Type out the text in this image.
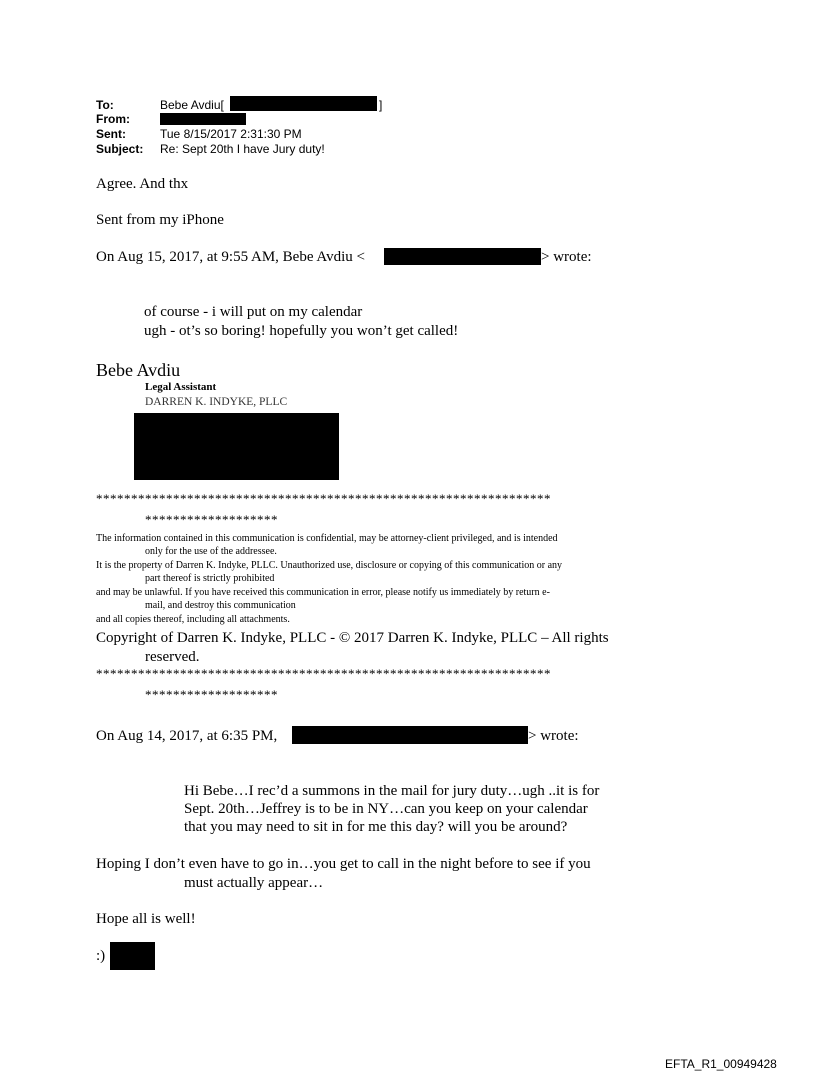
To:	Bebe Avdiu[	]
From:
Sent:	Tue 8/15/2017 2:31:30 PM
Subject: Re: Sept 20th I have Jury duty!
Agree. And thx
Sent from my iPhone
On Aug 15, 2017, at 9:55 AM, Bebe Avdiu <	> wrote:
of course - i will put on my calendar
ugh - ot’s so boring! hopefully you won’t get called!
Bebe Avdiu
Legal Assistant
DARREN K. INDYKE, PLLC
*****************************************************************
*******************
The information contained in this communication is confidential, may be attorney-client privileged, and is intended
only for the use of the addressee.
It is the property of Darren K. Indyke, PLLC. Unauthorized use, disclosure or copying of this communication or any
part thereof is strictly prohibited
and may be unlawful. If you have received this communication in error, please notify us immediately by return e-
mail, and destroy this communication
and all copies thereof, including all attachments.
Copyright of Darren K. Indyke, PLLC - © 2017 Darren K. Indyke, PLLC – All rights
reserved.
*****************************************************************
*******************
On Aug 14, 2017, at 6:35 PM,	> wrote:
Hi Bebe…I rec’d a summons in the mail for jury duty…ugh ..it is for
Sept. 20th…Jeffrey is to be in NY…can you keep on your calendar
that you may need to sit in for me this day? will you be around?
Hoping I don’t even have to go in…you get to call in the night before to see if you
must actually appear…
Hope all is well!
:)
EFTA_R1_00949428
